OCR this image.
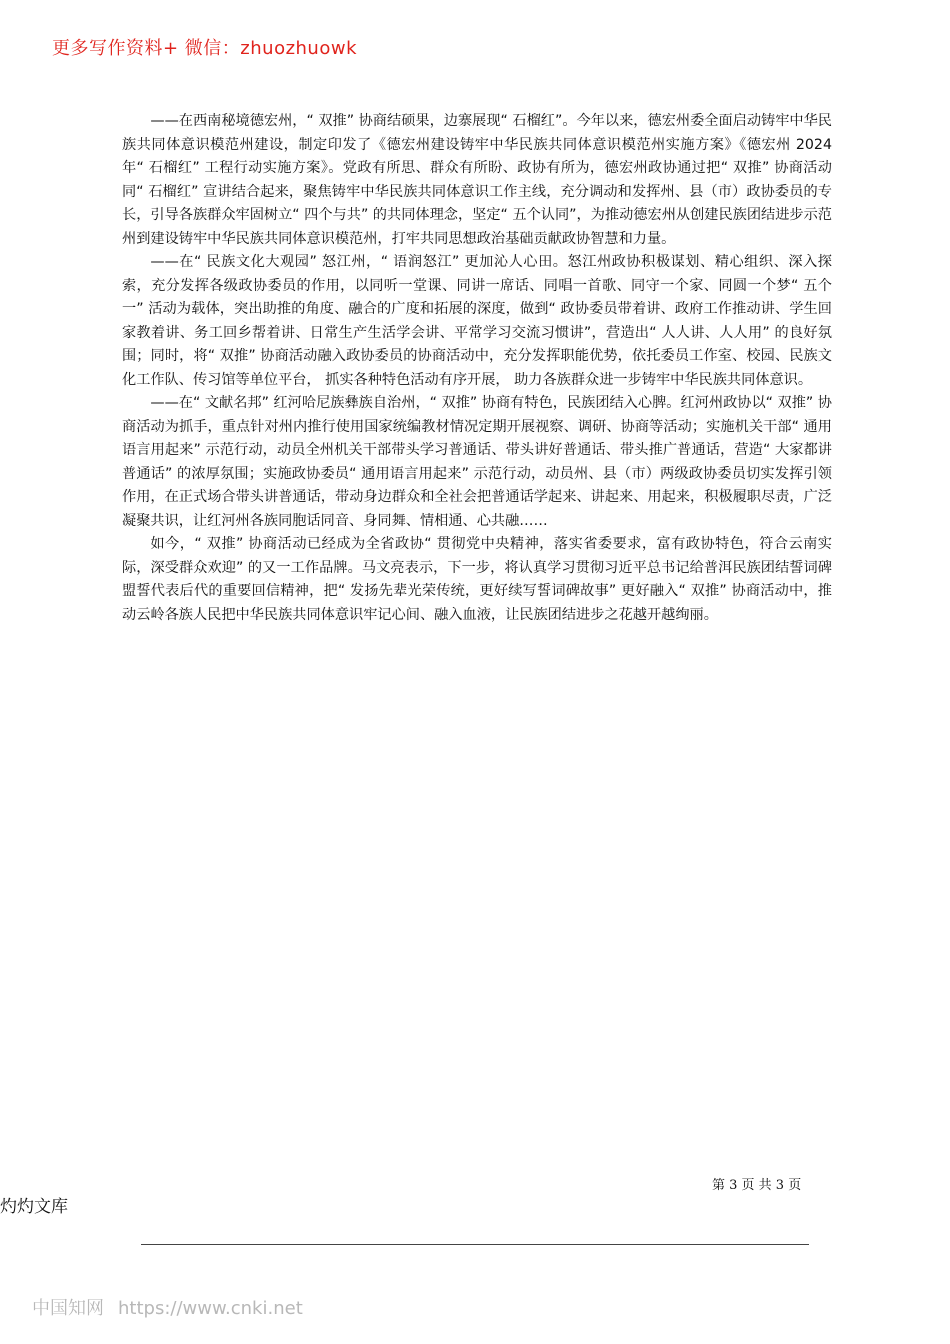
更多写作资料+ 微信：zhuozhuowk

——在西南秘境德宏州，“ 双推” 协商结硕果，边寨展现“ 石榴红”。今年以来，德宏州委全面启动铸牢中华民族共同体意识模范州建设，制定印发了《德宏州建设铸牢中华民族共同体意识模范州实施方案》《德宏州 2024 年“ 石榴红” 工程行动实施方案》。党政有所思、群众有所盼、政协有所为，德宏州政协通过把“ 双推” 协商活动同“ 石榴红” 宣讲结合起来，聚焦铸牢中华民族共同体意识工作主线，充分调动和发挥州、县（市）政协委员的专长，引导各族群众牢固树立“ 四个与共” 的共同体理念，坚定“ 五个认同”，为推动德宏州从创建民族团结进步示范州到建设铸牢中华民族共同体意识模范州，打牢共同思想政治基础贡献政协智慧和力量。

——在“ 民族文化大观园” 怒江州，“ 语润怒江” 更加沁人心田。怒江州政协积极谋划、精心组织、深入探索，充分发挥各级政协委员的作用，以同听一堂课、同讲一席话、同唱一首歌、同守一个家、同圆一个梦“ 五个一” 活动为载体，突出助推的角度、融合的广度和拓展的深度，做到“ 政协委员带着讲、政府工作推动讲、学生回家教着讲、务工回乡帮着讲、日常生产生活学会讲、平常学习交流习惯讲”，营造出“ 人人讲、人人用” 的良好氛围；同时，将“ 双推” 协商活动融入政协委员的协商活动中，充分发挥职能优势，依托委员工作室、校园、民族文化工作队、传习馆等单位平台， 抓实各种特色活动有序开展， 助力各族群众进一步铸牢中华民族共同体意识。

——在“ 文献名邦” 红河哈尼族彝族自治州，“ 双推” 协商有特色，民族团结入心脾。红河州政协以“ 双推” 协商活动为抓手，重点针对州内推行使用国家统编教材情况定期开展视察、调研、协商等活动；实施机关干部“ 通用语言用起来” 示范行动，动员全州机关干部带头学习普通话、带头讲好普通话、带头推广普通话，营造“ 大家都讲普通话” 的浓厚氛围；实施政协委员“ 通用语言用起来” 示范行动，动员州、县（市）两级政协委员切实发挥引领作用，在正式场合带头讲普通话，带动身边群众和全社会把普通话学起来、讲起来、用起来，积极履职尽责，广泛凝聚共识，让红河州各族同胞话同音、身同舞、情相通、心共融……

如今，“ 双推” 协商活动已经成为全省政协“ 贯彻党中央精神，落实省委要求，富有政协特色，符合云南实际，深受群众欢迎” 的又一工作品牌。马文亮表示，下一步，将认真学习贯彻习近平总书记给普洱民族团结誓词碑盟誓代表后代的重要回信精神，把“ 发扬先辈光荣传统，更好续写誓词碑故事” 更好融入“ 双推” 协商活动中，推动云岭各族人民把中华民族共同体意识牢记心间、融入血液，让民族团结进步之花越开越绚丽。

第 3 页 共 3 页
灼灼文库
中国知网 https://www.cnki.net
